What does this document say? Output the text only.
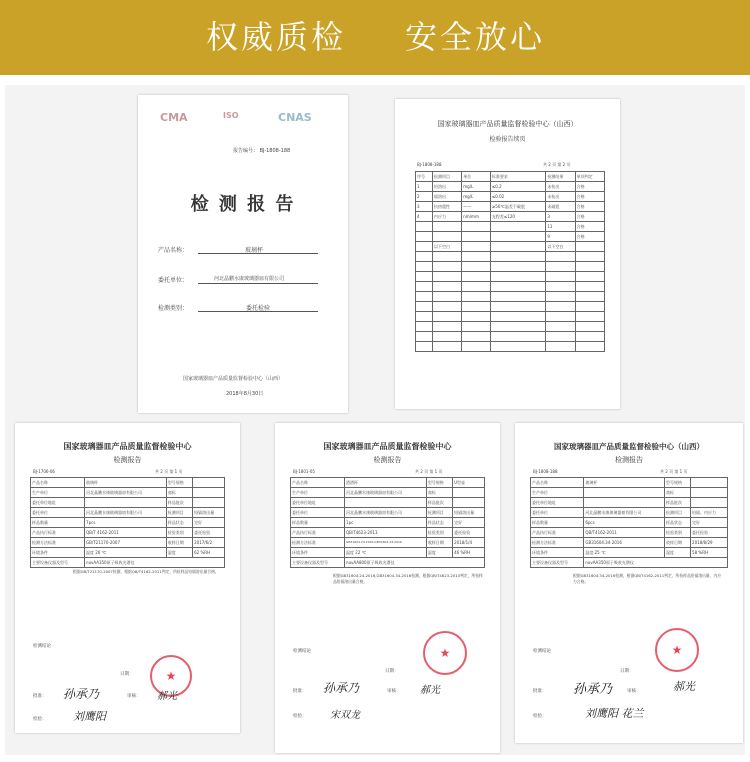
权威质检 安全放心
CMA	ISO	CNAS
报告编号： BJ-1808-188
检 测 报 告
产品名称：	玻璃杯
委托单位：	河北晶鹏水康玻璃器皿有限公司
检测类别：	委托检验
国家玻璃器皿产品质量监督检验中心（山西）
2018年8月30日
国家玻璃器皿产品质量监督检验中心（山西）
检验报告续页
BJ-1808-188	共 2 页 第 2 页
序号	检测项目	单位	标准要求	检测结果	单项判定
1	铅溶出	mg/L	≤0.2	未检出	合格
2	镉溶出	mg/L	≤0.02	未检出	合格
3	抗热震性	——	≥56℃温差不破裂	未破裂	合格
4	内应力	nm/mm	光程差≤120	3	合格
				11	合格
				9	合格
	以下空白			以下空白	

国家玻璃器皿产品质量监督检验中心
检测报告
BJ-1706-06	共 2 页 第 1 页
产品名称	玻璃杯	型号规格	
生产单位	河北晶鹏水康玻璃器皿有限公司	商标	
委托单位地址		样品批次	
委托单位	河北晶鹏水康玻璃器皿有限公司	检测项目	铅镉溶出量
样品数量	7pcs	样品状态	完好
产品执行标准	QB/T 4162-2011	检验类别	委托检验
检测方法标准	GB/T21170-2007	收样日期	2017/6/2
环境条件	温度 26 ℃	湿度	62 %RH
主要设备仪器及型号	novAA350原子吸收光谱仪		
检测结论
根据GB/T21170-2007检测，根据QB/T4162-2011判定，所检样品铅镉溶出量合格。
★
日期：
批准： 孙承乃	审核： 郝光
检验： 刘鹰阳
国家玻璃器皿产品质量监督检验中心
检测报告
BJ-1801-05	共 2 页 第 1 页
产品名称	酒酒杯	型号规格	U型壶
生产单位	河北晶鹏水康玻璃器皿有限公司	商标	
委托单位地址		样品批次	
委托单位	河北晶鹏水康玻璃器皿有限公司	检测项目	铅镉溶出量
样品数量	1pc	样品状态	完好
产品执行标准	QB/T4623-2013	检验类别	委托检验
检测方法标准	GB31604.24-2016,GB31604.34-2016	收样日期	2018/1/4
环境条件	温度 22 ℃	湿度	46 %RH
主要设备仪器及型号	novAA800原子吸收光谱仪		
检测结论
根据GB31604.24-2016,GB31604.34-2016检测，根据QB/T4623-2013判定，所检样品铅镉溶出量合格。
★
日期：
批准： 孙承乃	审核： 郝光
检验： 宋双龙
国家玻璃器皿产品质量监督检验中心（山西）
检测报告
BJ-1808-188	共 2 页 第 1 页
产品名称	玻璃杯	型号规格	
生产单位		商标	
委托单位地址		样品批次	
委托单位	河北晶鹏水康玻璃器皿有限公司	检测项目	铅镉、内应力
样品数量	6pcs	样品状态	完好
产品执行标准	QB/T4162-2011	检验类别	委托检验
检测方法标准	GB31604.34-2016	收样日期	2018/8/29
环境条件	温度 25 ℃	湿度	58 %RH
主要设备仪器及型号	novAA350原子吸收光谱仪		
检测结论
根据GB31604.34-2016检测，根据QB/T4162-2011判定，所检样品铅镉溶出量、内应力合格。
★
日期：
批准： 孙承乃	审核：	郝光
检验：	刘鹰阳 花兰
